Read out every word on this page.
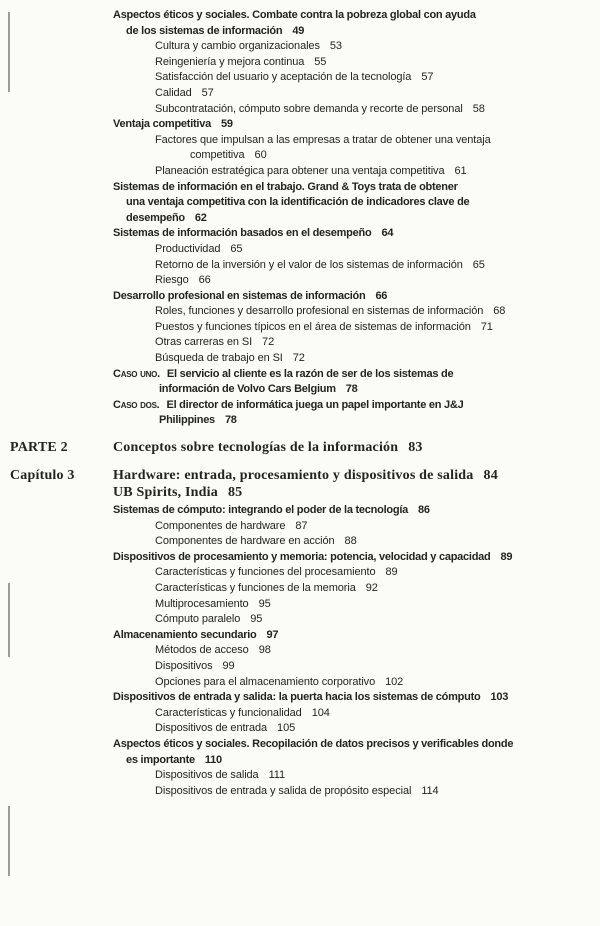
Aspectos éticos y sociales. Combate contra la pobreza global con ayuda
de los sistemas de información 49
Cultura y cambio organizacionales 53
Reingeniería y mejora continua 55
Satisfacción del usuario y aceptación de la tecnología 57
Calidad 57
Subcontratación, cómputo sobre demanda y recorte de personal 58
Ventaja competitiva 59
Factores que impulsan a las empresas a tratar de obtener una ventaja
competitiva 60
Planeación estratégica para obtener una ventaja competitiva 61
Sistemas de información en el trabajo. Grand & Toys trata de obtener
una ventaja competitiva con la identificación de indicadores clave de
desempeño 62
Sistemas de información basados en el desempeño 64
Productividad 65
Retorno de la inversión y el valor de los sistemas de información 65
Riesgo 66
Desarrollo profesional en sistemas de información 66
Roles, funciones y desarrollo profesional en sistemas de información 68
Puestos y funciones típicos en el área de sistemas de información 71
Otras carreras en SI 72
Búsqueda de trabajo en SI 72
Caso uno. El servicio al cliente es la razón de ser de los sistemas de
información de Volvo Cars Belgium 78
Caso dos. El director de informática juega un papel importante en J&J
Philippines 78
PARTE 2	Conceptos sobre tecnologías de la información 83
Capítulo 3	Hardware: entrada, procesamiento y dispositivos de salida 84
UB Spirits, India 85
Sistemas de cómputo: integrando el poder de la tecnología 86
Componentes de hardware 87
Componentes de hardware en acción 88
Dispositivos de procesamiento y memoria: potencia, velocidad y capacidad 89
Características y funciones del procesamiento 89
Características y funciones de la memoria 92
Multiprocesamiento 95
Cómputo paralelo 95
Almacenamiento secundario 97
Métodos de acceso 98
Dispositivos 99
Opciones para el almacenamiento corporativo 102
Dispositivos de entrada y salida: la puerta hacia los sistemas de cómputo 103
Características y funcionalidad 104
Dispositivos de entrada 105
Aspectos éticos y sociales. Recopilación de datos precisos y verificables donde
es importante 110
Dispositivos de salida 111
Dispositivos de entrada y salida de propósito especial 114
